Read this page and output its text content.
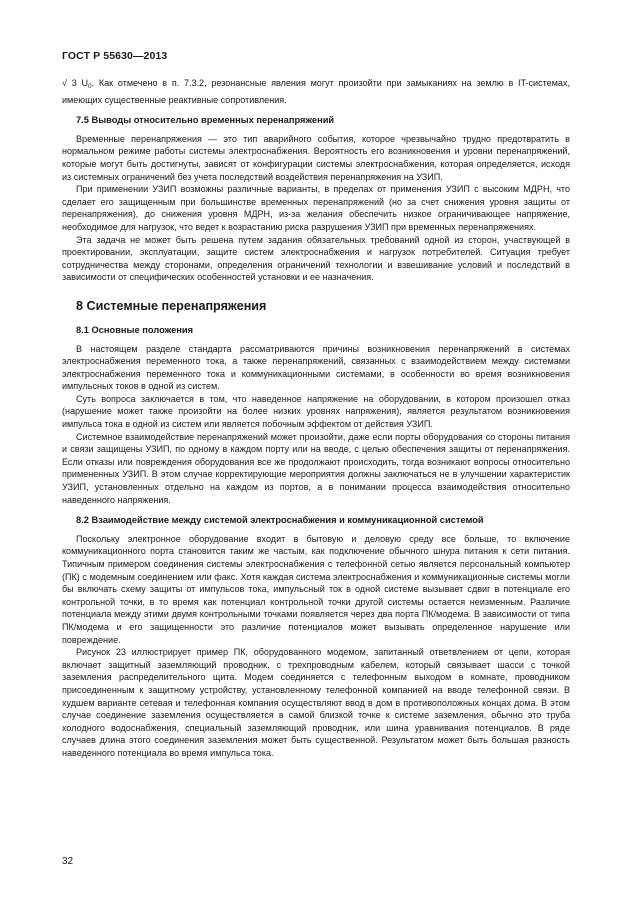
ГОСТ Р 55630—2013

√ 3 $U_0$. Как отмечено в п. 7.3.2, резонансные явления могут произойти при замыканиях на землю в IT-системах, имеющих существенные реактивные сопротивления.

7.5 Выводы относительно временных перенапряжений

Временные перенапряжения — это тип аварийного события, которое чрезвычайно трудно предотвратить в нормальном режиме работы системы электроснабжения. Вероятность его возникновения и уровни перенапряжений, которые могут быть достигнуты, зависят от конфигурации системы электроснабжения, которая определяется, исходя из системных ограничений без учета последствий воздействия перенапряжения на УЗИП.

При применении УЗИП возможны различные варианты, в пределах от применения УЗИП с высоким МДРН, что сделает его защищенным при большинстве временных перенапряжений (но за счет снижения уровня защиты от перенапряжения), до снижения уровня МДРН, из-за желания обеспечить низкое ограничивающее напряжение, необходимое для нагрузок, что ведет к возрастанию риска разрушения УЗИП при временных перенапряжениях.

Эта задача не может быть решена путем задания обязательных требований одной из сторон, участвующей в проектировании, эксплуатации, защите систем электроснабжения и нагрузок потребителей. Ситуация требует сотрудничества между сторонами, определения ограничений технологии и взвешивание условий и последствий в зависимости от специфических особенностей установки и ее назначения.

8 Системные перенапряжения

8.1 Основные положения

В настоящем разделе стандарта рассматриваются причины возникновения перенапряжений в системах электроснабжения переменного тока, а также перенапряжений, связанных с взаимодействием между системами электроснабжения переменного тока и коммуникационными системами, в особенности во время возникновения импульсных токов в одной из систем.

Суть вопроса заключается в том, что наведенное напряжение на оборудовании, в котором произошел отказ (нарушение может также произойти на более низких уровнях напряжения), является результатом возникновения импульса тока в одной из систем или является побочным эффектом от действия УЗИП.

Системное взаимодействие перенапряжений может произойти, даже если порты оборудования со стороны питания и связи защищены УЗИП, по одному в каждом порту или на вводе, с целью обеспечения защиты от перенапряжения. Если отказы или повреждения оборудования все же продолжают происходить, тогда возникают вопросы относительно примененных УЗИП. В этом случае корректирующие мероприятия должны заключаться не в улучшении характеристик УЗИП, установленных отдельно на каждом из портов, а в понимании процесса взаимодействия относительно наведенного напряжения.

8.2 Взаимодействие между системой электроснабжения и коммуникационной системой

Поскольку электронное оборудование входит в бытовую и деловую среду все больше, то включение коммуникационного порта становится таким же частым, как подключение обычного шнура питания к сети питания. Типичным примером соединения системы электроснабжения с телефонной сетью является персональный компьютер (ПК) с модемным соединением или факс. Хотя каждая система электроснабжения и коммуникационные системы могли бы включать схему защиты от импульсов тока, импульсный ток в одной системе вызывает сдвиг в потенциале его контрольной точки, в то время как потенциал контрольной точки другой системы остается неизменным. Различие потенциала между этими двумя контрольными точками появляется через два порта ПК/модема. В зависимости от типа ПК/модема и его защищенности это различие потенциалов может вызывать определенное нарушение или повреждение.

Рисунок 23 иллюстрирует пример ПК, оборудованного модемом, запитанный ответвлением от цепи, которая включает защитный заземляющий проводник, с трехпроводным кабелем, который связывает шасси с точкой заземления распределительного щита. Модем соединяется с телефонным выходом в комнате, проводником присоединенным к защитному устройству, установленному телефонной компанией на вводе телефонной связи. В худшем варианте сетевая и телефонная компания осуществляют ввод в дом в противоположных концах дома. В этом случае соединение заземления осуществляется в самой близкой точке к системе заземления, обычно это труба холодного водоснабжения, специальный заземляющий проводник, или шина уравнивания потенциалов. В ряде случаев длина этого соединения заземления может быть существенной. Результатом может быть большая разность наведенного потенциала во время импульса тока.

32
